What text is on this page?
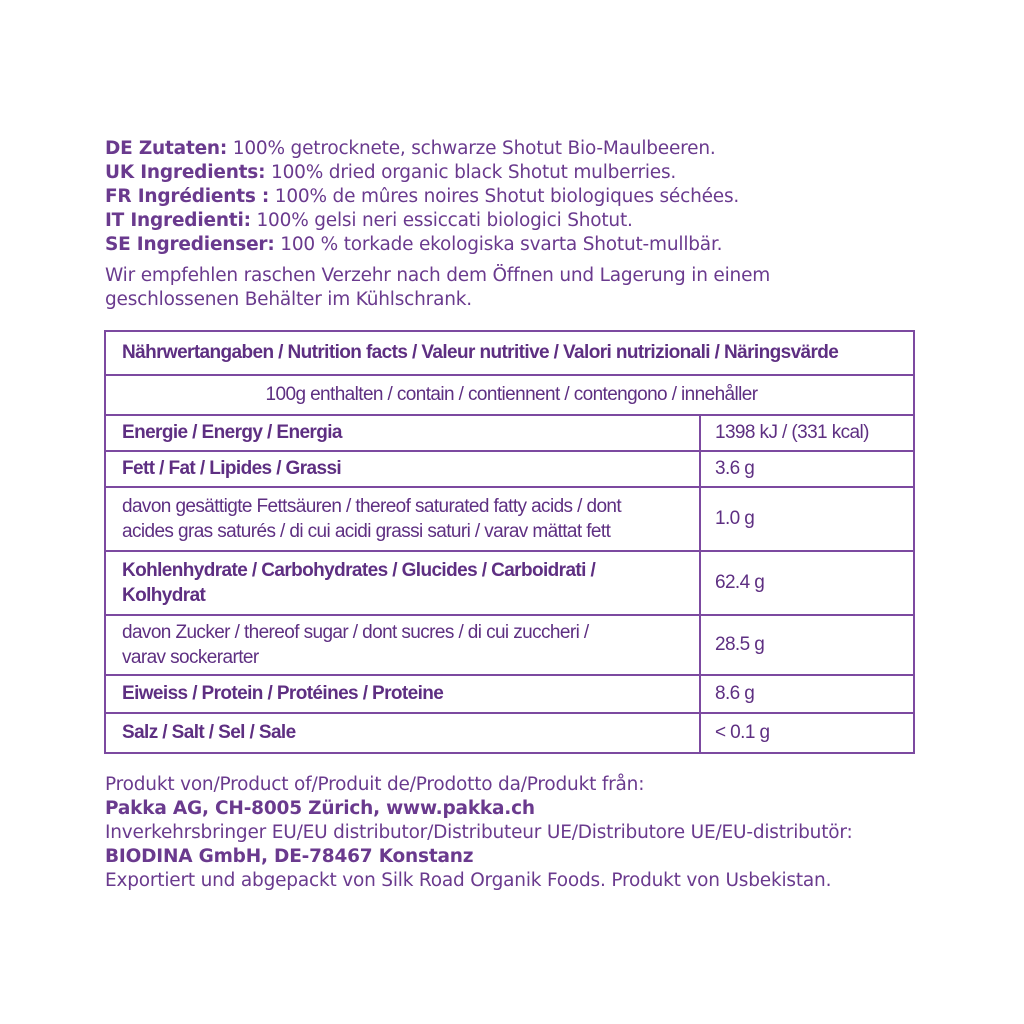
DE Zutaten: 100% getrocknete, schwarze Shotut Bio-Maulbeeren.
UK Ingredients: 100% dried organic black Shotut mulberries.
FR Ingrédients : 100% de mûres noires Shotut biologiques séchées.
IT Ingredienti: 100% gelsi neri essiccati biologici Shotut.
SE Ingredienser: 100 % torkade ekologiska svarta Shotut-mullbär.
Wir empfehlen raschen Verzehr nach dem Öffnen und Lagerung in einem
geschlossenen Behälter im Kühlschrank.
Nährwertangaben / Nutrition facts / Valeur nutritive / Valori nutrizionali / Näringsvärde	
100g enthalten / contain / contiennent / contengono / innehåller	
Energie / Energy / Energia	1398 kJ / (331 kcal)
Fett / Fat / Lipides / Grassi	3.6 g

davon gesättigte Fettsäuren / thereof saturated fatty acids / dont
acides gras saturés / di cui acidi grassi saturi / varav mättat fett	1.0 g

Kohlenhydrate / Carbohydrates / Glucides / Carboidrati /
Kolhydrat	62.4 g

davon Zucker / thereof sugar / dont sucres / di cui zuccheri /
varav sockerarter	28.5 g
Eiweiss / Protein / Protéines / Proteine	8.6 g
Salz / Salt / Sel / Sale	< 0.1 g
Produkt von/Product of/Produit de/Prodotto da/Produkt från:
Pakka AG, CH-8005 Zürich, www.pakka.ch
Inverkehrsbringer EU/EU distributor/Distributeur UE/Distributore UE/EU-distributör:
BIODINA GmbH, DE-78467 Konstanz
Exportiert und abgepackt von Silk Road Organik Foods. Produkt von Usbekistan.
